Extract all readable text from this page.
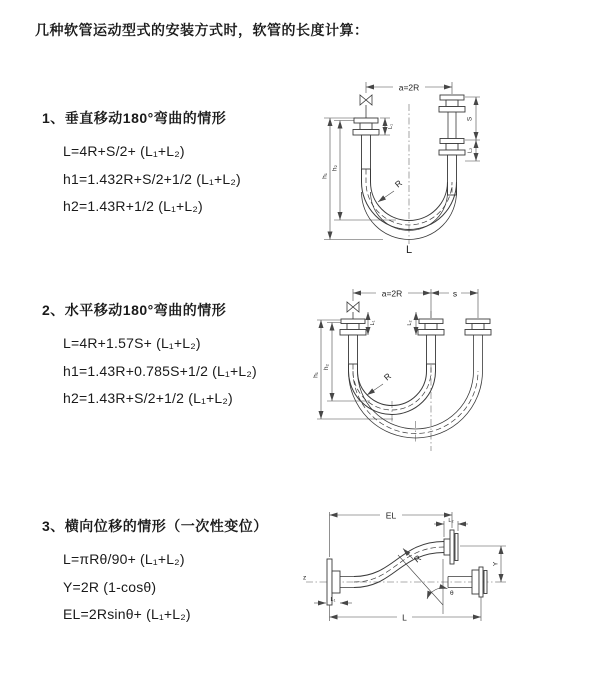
几种软管运动型式的安装方式时，软管的长度计算：
1、垂直移动180°弯曲的情形
L=4R+S/2+ (L₁+L₂)
h1=1.432R+S/2+1/2 (L₁+L₂)
h2=1.43R+1/2 (L₁+L₂)
a=2R
S
L₂
L₁
h₁
h₂
R
L
2、水平移动180°弯曲的情形
L=4R+1.57S+ (L₁+L₂)
h1=1.43R+0.785S+1/2 (L₁+L₂)
h2=1.43R+S/2+1/2 (L₁+L₂)
a=2R	s
L₁	L₂
h₁
h₂
R
3、横向位移的情形（一次性变位）
L=πRθ/90+ (L₁+L₂)
Y=2R (1-cosθ)
EL=2Rsinθ+ (L₁+L₂)
z
θ
EL
L₂
Y
L
L₁
R
